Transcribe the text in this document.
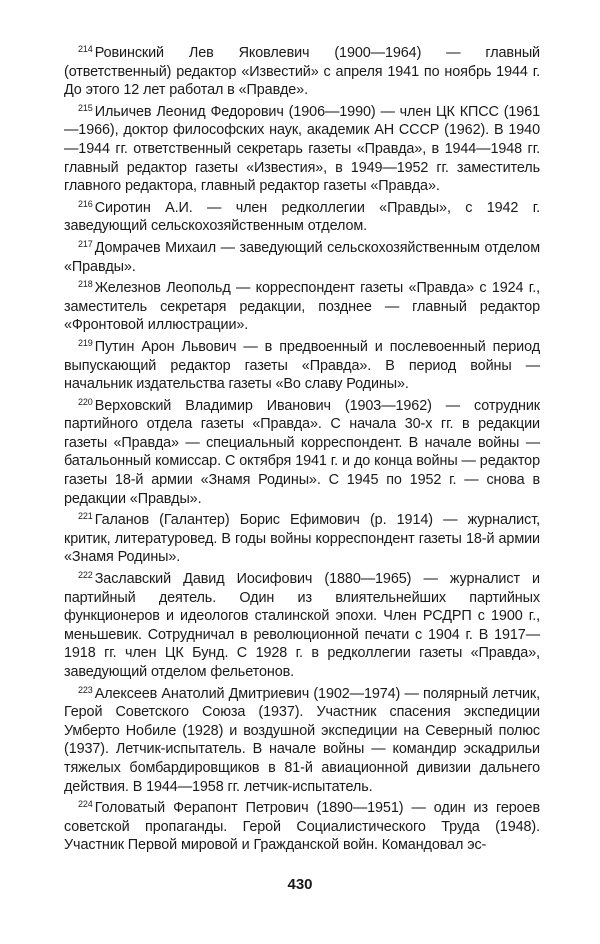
$^{214}$ Ровинский Лев Яковлевич (1900—1964) — главный (ответственный) редактор «Известий» с апреля 1941 по ноябрь 1944 г. До этого 12 лет работал в «Правде».

$^{215}$ Ильичев Леонид Федорович (1906—1990) — член ЦК КПСС (1961—1966), доктор философских наук, академик АН СССР (1962). В 1940—1944 гг. ответственный секретарь газеты «Правда», в 1944—1948 гг. главный редактор газеты «Известия», в 1949—1952 гг. заместитель главного редактора, главный редактор газеты «Правда».

$^{216}$ Сиротин А.И. — член редколлегии «Правды», с 1942 г. заведующий сельскохозяйственным отделом.

$^{217}$ Домрачев Михаил — заведующий сельскохозяйственным отделом «Правды».

$^{218}$ Железнов Леопольд — корреспондент газеты «Правда» с 1924 г., заместитель секретаря редакции, позднее — главный редактор «Фронтовой иллюстрации».

$^{219}$ Путин Арон Львович — в предвоенный и послевоенный период выпускающий редактор газеты «Правда». В период войны — начальник издательства газеты «Во славу Родины».

$^{220}$ Верховский Владимир Иванович (1903—1962) — сотрудник партийного отдела газеты «Правда». С начала 30-х гг. в редакции газеты «Правда» — специальный корреспондент. В начале войны — батальонный комиссар. С октября 1941 г. и до конца войны — редактор газеты 18-й армии «Знамя Родины». С 1945 по 1952 г. — снова в редакции «Правды».

$^{221}$ Галанов (Галантер) Борис Ефимович (р. 1914) — журналист, критик, литературовед. В годы войны корреспондент газеты 18-й армии «Знамя Родины».

$^{222}$ Заславский Давид Иосифович (1880—1965) — журналист и партийный деятель. Один из влиятельнейших партийных функционеров и идеологов сталинской эпохи. Член РСДРП с 1900 г., меньшевик. Сотрудничал в революционной печати с 1904 г. В 1917—1918 гг. член ЦК Бунд. С 1928 г. в редколлегии газеты «Правда», заведующий отделом фельетонов.

$^{223}$ Алексеев Анатолий Дмитриевич (1902—1974) — полярный летчик, Герой Советского Союза (1937). Участник спасения экспедиции Умберто Нобиле (1928) и воздушной экспедиции на Северный полюс (1937). Летчик-испытатель. В начале войны — командир эскадрильи тяжелых бомбардировщиков в 81-й авиационной дивизии дальнего действия. В 1944—1958 гг. летчик-испытатель.

$^{224}$ Головатый Ферапонт Петрович (1890—1951) — один из героев советской пропаганды. Герой Социалистического Труда (1948). Участник Первой мировой и Гражданской войн. Командовал эс-

430
